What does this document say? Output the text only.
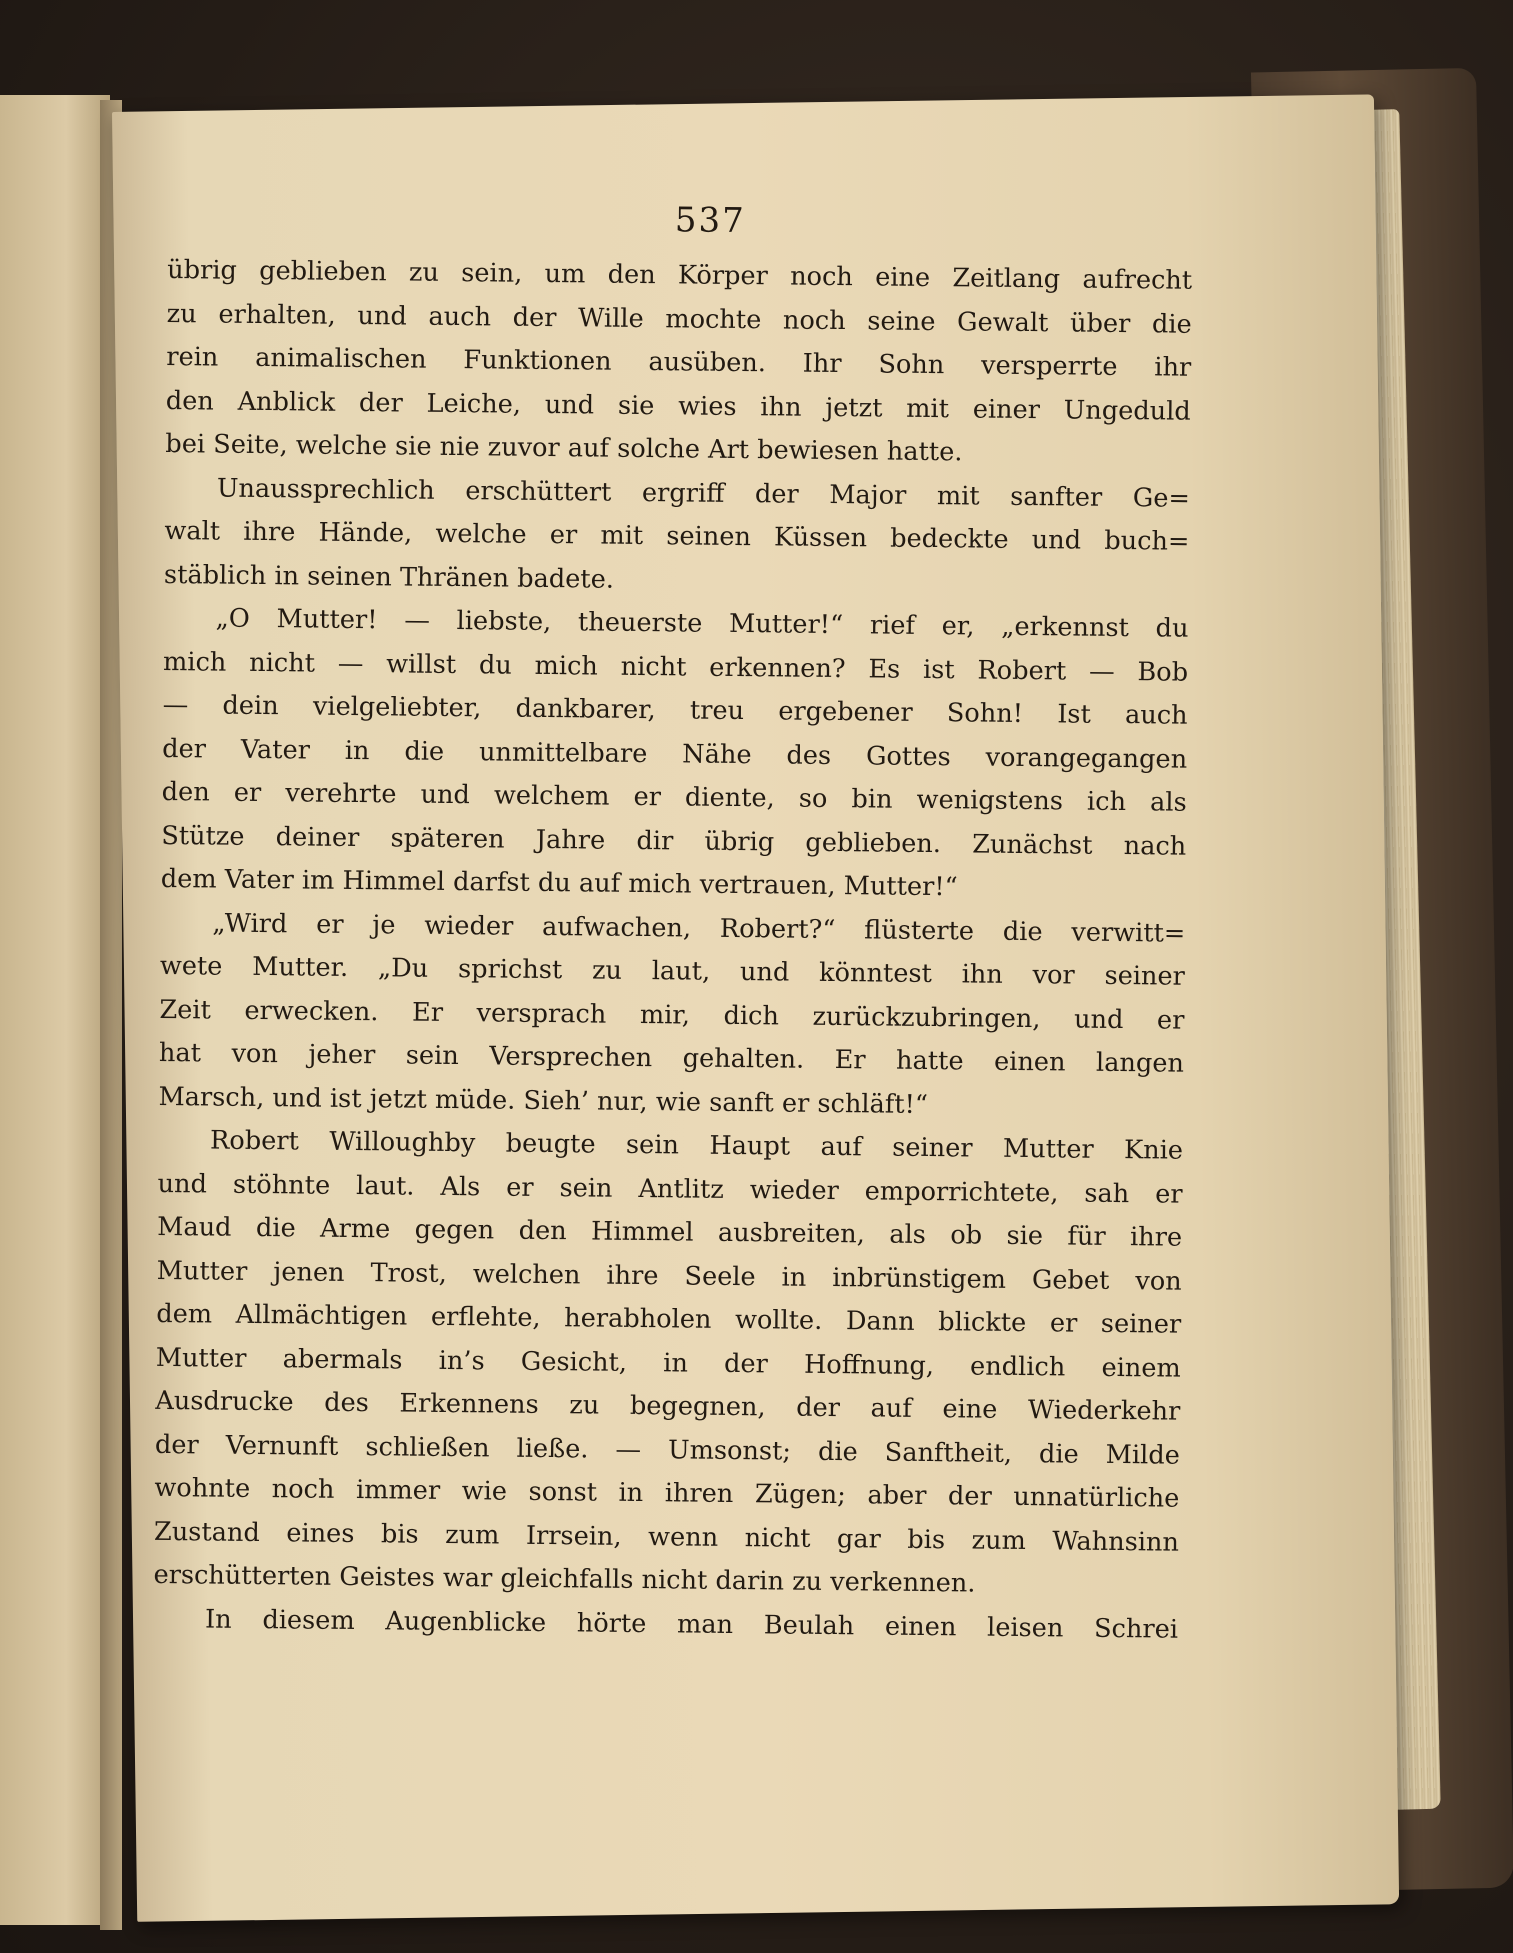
537

übrig geblieben zu sein, um den Körper noch eine Zeitlang aufrecht
zu erhalten, und auch der Wille mochte noch seine Gewalt über die
rein animalischen Funktionen ausüben. Ihr Sohn versperrte ihr
den Anblick der Leiche, und sie wies ihn jetzt mit einer Ungeduld
bei Seite, welche sie nie zuvor auf solche Art bewiesen hatte.

Unaussprechlich erschüttert ergriff der Major mit sanfter Ge=
walt ihre Hände, welche er mit seinen Küssen bedeckte und buch=
stäblich in seinen Thränen badete.

„O Mutter! — liebste, theuerste Mutter!“ rief er, „erkennst du
mich nicht — willst du mich nicht erkennen? Es ist Robert — Bob
— dein vielgeliebter, dankbarer, treu ergebener Sohn! Ist auch
der Vater in die unmittelbare Nähe des Gottes vorangegangen
den er verehrte und welchem er diente, so bin wenigstens ich als
Stütze deiner späteren Jahre dir übrig geblieben. Zunächst nach
dem Vater im Himmel darfst du auf mich vertrauen, Mutter!“

„Wird er je wieder aufwachen, Robert?“ flüsterte die verwitt=
wete Mutter. „Du sprichst zu laut, und könntest ihn vor seiner
Zeit erwecken. Er versprach mir, dich zurückzubringen, und er
hat von jeher sein Versprechen gehalten. Er hatte einen langen
Marsch, und ist jetzt müde. Sieh’ nur, wie sanft er schläft!“

Robert Willoughby beugte sein Haupt auf seiner Mutter Knie
und stöhnte laut. Als er sein Antlitz wieder emporrichtete, sah er
Maud die Arme gegen den Himmel ausbreiten, als ob sie für ihre
Mutter jenen Trost, welchen ihre Seele in inbrünstigem Gebet von
dem Allmächtigen erflehte, herabholen wollte. Dann blickte er seiner
Mutter abermals in’s Gesicht, in der Hoffnung, endlich einem
Ausdrucke des Erkennens zu begegnen, der auf eine Wiederkehr
der Vernunft schließen ließe. — Umsonst; die Sanftheit, die Milde
wohnte noch immer wie sonst in ihren Zügen; aber der unnatürliche
Zustand eines bis zum Irrsein, wenn nicht gar bis zum Wahnsinn
erschütterten Geistes war gleichfalls nicht darin zu verkennen.

In diesem Augenblicke hörte man Beulah einen leisen Schrei
